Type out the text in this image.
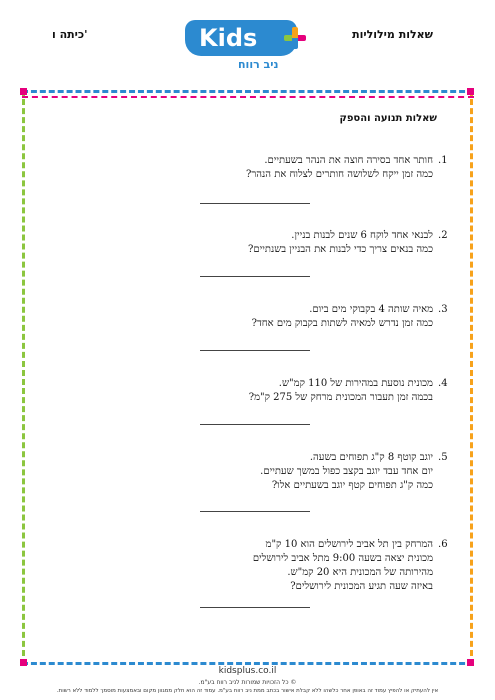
כיתה ו'	שאלות מילוליות
Kids
ניב רווח
שאלות תנועה והספק
1.
חותר אחד בסירה חוצה את הנהר בשעתיים.
כמה זמן ייקח לשלושה חותרים לצלוח את הנהר?
2.
לבנאי אחד לוקח 6 שנים לבנות בניין.
כמה בנאים צריך כדי לבנות את הבניין בשנתיים?
3.
מאיה שותה 4 בקבוקי מים ביום.
כמה זמן נדרש למאיה לשתות בקבוק מים אחד?
4.
מכונית נוסעת במהירות של 110 קמ"ש.
בכמה זמן תעבור המכונית מרחק של 275 ק"מ?
5.
יוגב קוטף 8 ק"ג תפוחים בשעה.
יום אחד עבד יוגב בקצב כפול במשך שעתיים.
כמה ק"ג תפוחים קטף יוגב בשעתיים אלו?
6.
המרחק בין תל אביב לירושלים הוא 10 ק"מ
מכונית יצאה בשעה 9:00 מתל אביב לירושלים
מהירותה של המכונית היא 20 קמ"ש.
באיזה שעה תגיע המכונית לירושלים?
kidsplus.co.il
© כל הזכויות שמורות לניב רווח בע"מ.
אין להעתיק או להפיץ עמוד זה באופן אחר כלשהו ללא קבלת אישור בכתב ממת ניב רווח בע"מ. עמוד זה הוא חלק ממגוון מקום ובאמצעות מוסמך ללמוד ללא רשות.
